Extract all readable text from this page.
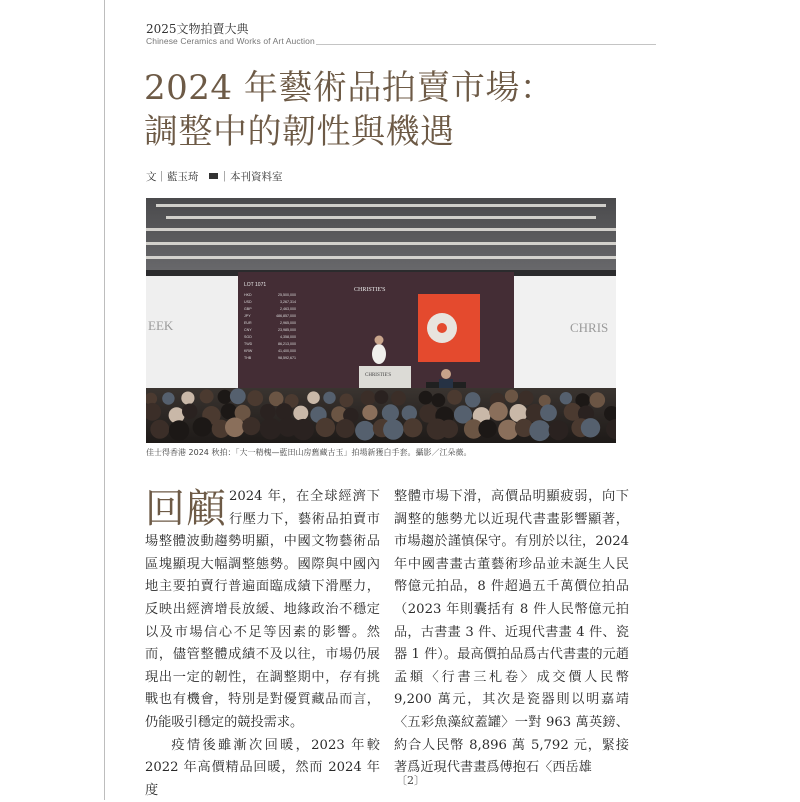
2025文物拍賣大典
Chinese Ceramics and Works of Art Auction
2024 年藝術品拍賣市場：
調整中的韌性與機遇
文｜藍玉琦 ｜本刊資料室
EEK	CHRIS
LOT 1071
CHRISTIE'S
HKD	25,500,000
USD	3,267,314
GBP	2,463,000
JPY	486,857,000
EUR	2,965,000
CNY	23,985,000
SGD	4,358,000
TWD	86,213,000
KRW	41,400,000
THB	98,592,671
CHRISTIE'S
佳士得香港 2024 秋拍：「大一精槐—藍田山房舊藏古玉」拍場新獲白手套。攝影／江朵薇。

回顧 2024 年，在全球經濟下行壓力下，藝術品拍賣市場整體波動趨勢明顯，中國文物藝術品區塊顯現大幅調整態勢。國際與中國內地主要拍賣行普遍面臨成績下滑壓力，反映出經濟增長放緩、地緣政治不穩定以及市場信心不足等因素的影響。然而，儘管整體成績不及以往，市場仍展現出一定的韌性，在調整期中，存有挑戰也有機會，特別是對優質藏品而言，仍能吸引穩定的競投需求。

疫情後雖漸次回暖，2023 年較 2022 年高價精品回暖，然而 2024 年度

整體市場下滑，高價品明顯疲弱，向下調整的態勢尤以近現代書畫影響顯著，市場趨於謹慎保守。有別於以往，2024 年中國書畫古董藝術珍品並未誕生人民幣億元拍品，8 件超過五千萬價位拍品（2023 年則囊括有 8 件人民幣億元拍品，古書畫 3 件、近現代書畫 4 件、瓷器 1 件）。最高價拍品爲古代書畫的元趙孟頫〈行書三札卷〉成交價人民幣 9,200 萬元，其次是瓷器則以明嘉靖〈五彩魚藻紋蓋罐〉一對 963 萬英鎊、約合人民幣 8,896 萬 5,792 元，緊接著爲近現代書畫爲傅抱石〈西岳雄

〔2〕
